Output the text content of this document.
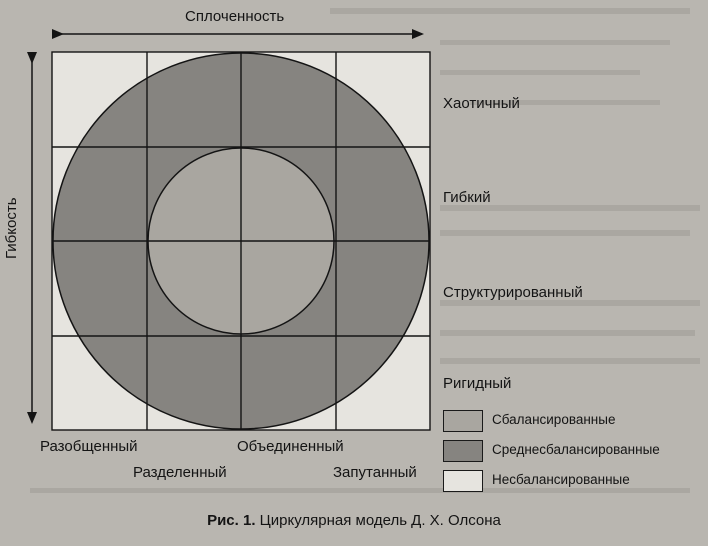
Сплоченность
Гибкость
Хаотичный
Гибкий
Структурированный
Ригидный
Разобщенный	Объединенный
Разделенный	Запутанный
Сбалансированные
Среднесбалансированные
Несбалансированные
Рис. 1. Циркулярная модель Д. Х. Олсона
